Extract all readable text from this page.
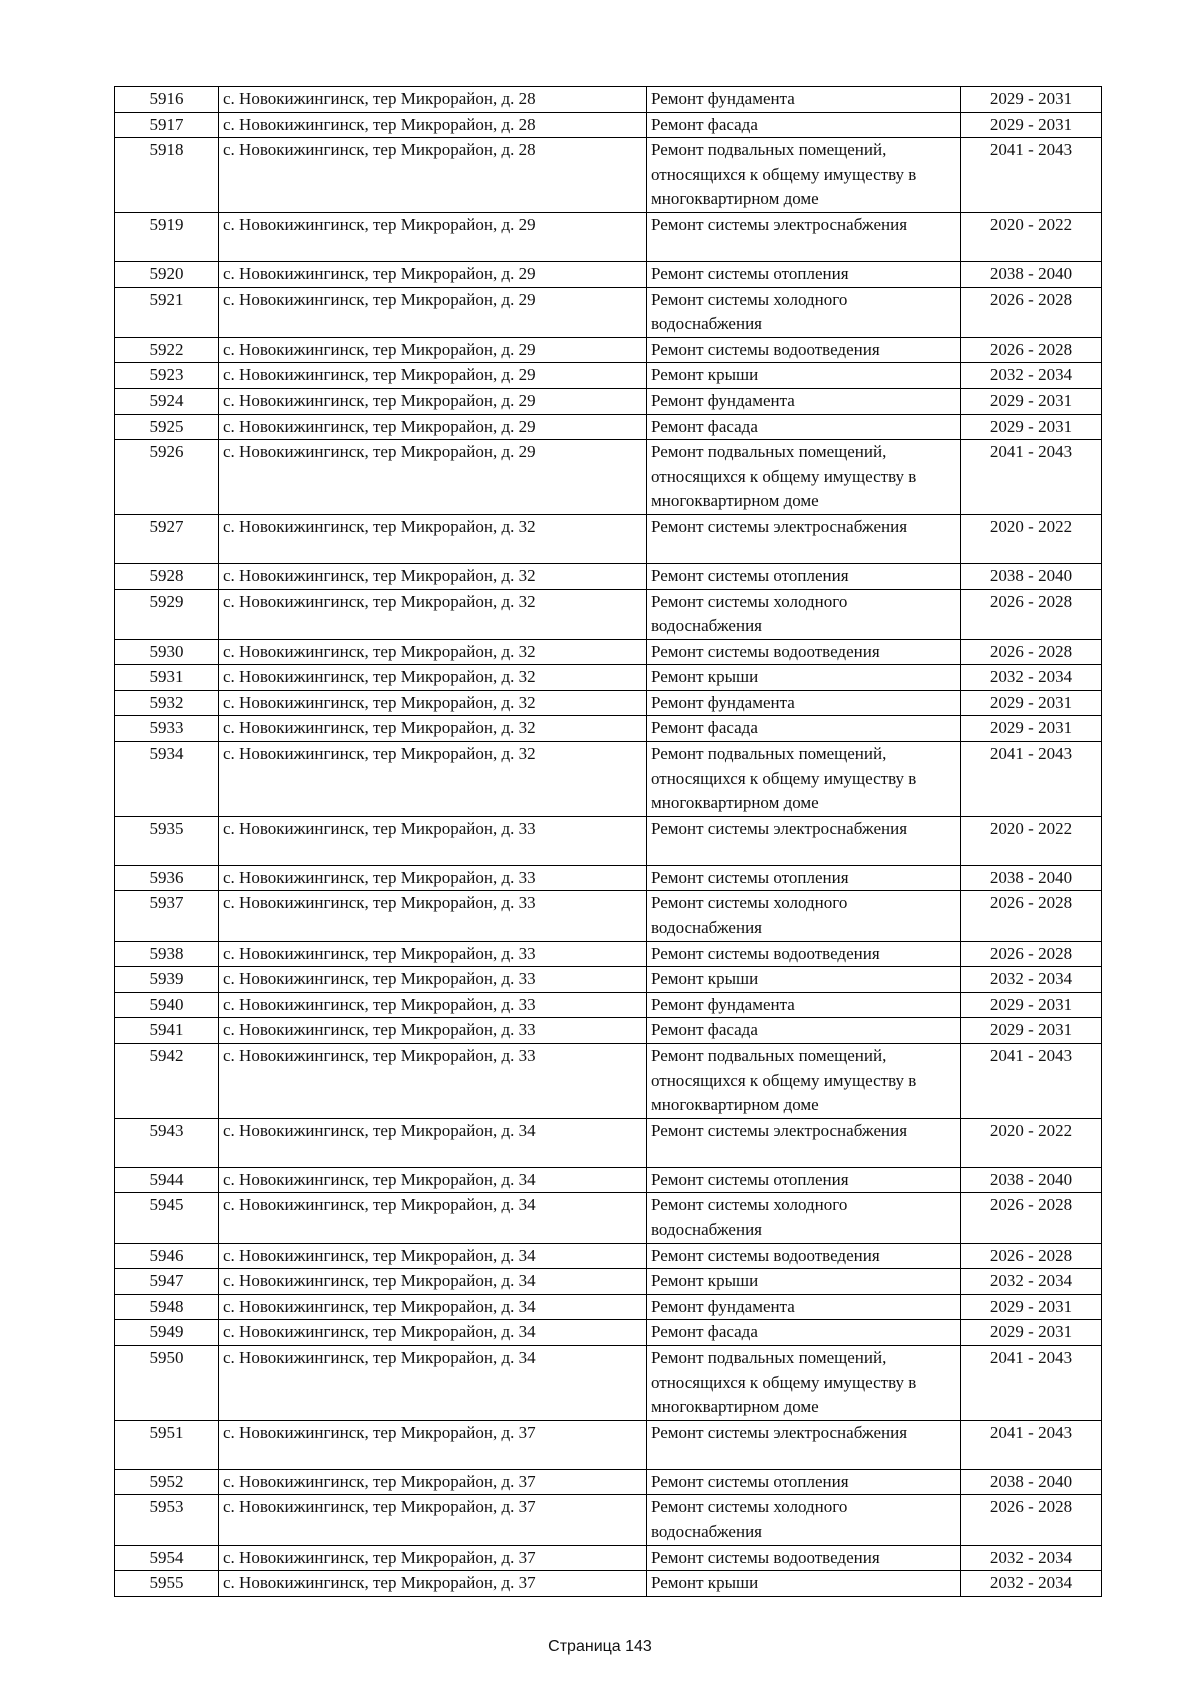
5916	с. Новокижингинск, тер Микрорайон, д. 28	Ремонт фундамента	2029 - 2031
5917	с. Новокижингинск, тер Микрорайон, д. 28	Ремонт фасада	2029 - 2031
5918	с. Новокижингинск, тер Микрорайон, д. 28	Ремонт подвальных помещений, относящихся к общему имуществу в многоквартирном доме	2041 - 2043
5919	с. Новокижингинск, тер Микрорайон, д. 29	Ремонт системы электроснабжения	2020 - 2022
5920	с. Новокижингинск, тер Микрорайон, д. 29	Ремонт системы отопления	2038 - 2040
5921	с. Новокижингинск, тер Микрорайон, д. 29	Ремонт системы холодного водоснабжения	2026 - 2028
5922	с. Новокижингинск, тер Микрорайон, д. 29	Ремонт системы водоотведения	2026 - 2028
5923	с. Новокижингинск, тер Микрорайон, д. 29	Ремонт крыши	2032 - 2034
5924	с. Новокижингинск, тер Микрорайон, д. 29	Ремонт фундамента	2029 - 2031
5925	с. Новокижингинск, тер Микрорайон, д. 29	Ремонт фасада	2029 - 2031
5926	с. Новокижингинск, тер Микрорайон, д. 29	Ремонт подвальных помещений, относящихся к общему имуществу в многоквартирном доме	2041 - 2043
5927	с. Новокижингинск, тер Микрорайон, д. 32	Ремонт системы электроснабжения	2020 - 2022
5928	с. Новокижингинск, тер Микрорайон, д. 32	Ремонт системы отопления	2038 - 2040
5929	с. Новокижингинск, тер Микрорайон, д. 32	Ремонт системы холодного водоснабжения	2026 - 2028
5930	с. Новокижингинск, тер Микрорайон, д. 32	Ремонт системы водоотведения	2026 - 2028
5931	с. Новокижингинск, тер Микрорайон, д. 32	Ремонт крыши	2032 - 2034
5932	с. Новокижингинск, тер Микрорайон, д. 32	Ремонт фундамента	2029 - 2031
5933	с. Новокижингинск, тер Микрорайон, д. 32	Ремонт фасада	2029 - 2031
5934	с. Новокижингинск, тер Микрорайон, д. 32	Ремонт подвальных помещений, относящихся к общему имуществу в многоквартирном доме	2041 - 2043
5935	с. Новокижингинск, тер Микрорайон, д. 33	Ремонт системы электроснабжения	2020 - 2022
5936	с. Новокижингинск, тер Микрорайон, д. 33	Ремонт системы отопления	2038 - 2040
5937	с. Новокижингинск, тер Микрорайон, д. 33	Ремонт системы холодного водоснабжения	2026 - 2028
5938	с. Новокижингинск, тер Микрорайон, д. 33	Ремонт системы водоотведения	2026 - 2028
5939	с. Новокижингинск, тер Микрорайон, д. 33	Ремонт крыши	2032 - 2034
5940	с. Новокижингинск, тер Микрорайон, д. 33	Ремонт фундамента	2029 - 2031
5941	с. Новокижингинск, тер Микрорайон, д. 33	Ремонт фасада	2029 - 2031
5942	с. Новокижингинск, тер Микрорайон, д. 33	Ремонт подвальных помещений, относящихся к общему имуществу в многоквартирном доме	2041 - 2043
5943	с. Новокижингинск, тер Микрорайон, д. 34	Ремонт системы электроснабжения	2020 - 2022
5944	с. Новокижингинск, тер Микрорайон, д. 34	Ремонт системы отопления	2038 - 2040
5945	с. Новокижингинск, тер Микрорайон, д. 34	Ремонт системы холодного водоснабжения	2026 - 2028
5946	с. Новокижингинск, тер Микрорайон, д. 34	Ремонт системы водоотведения	2026 - 2028
5947	с. Новокижингинск, тер Микрорайон, д. 34	Ремонт крыши	2032 - 2034
5948	с. Новокижингинск, тер Микрорайон, д. 34	Ремонт фундамента	2029 - 2031
5949	с. Новокижингинск, тер Микрорайон, д. 34	Ремонт фасада	2029 - 2031
5950	с. Новокижингинск, тер Микрорайон, д. 34	Ремонт подвальных помещений, относящихся к общему имуществу в многоквартирном доме	2041 - 2043
5951	с. Новокижингинск, тер Микрорайон, д. 37	Ремонт системы электроснабжения	2041 - 2043
5952	с. Новокижингинск, тер Микрорайон, д. 37	Ремонт системы отопления	2038 - 2040
5953	с. Новокижингинск, тер Микрорайон, д. 37	Ремонт системы холодного водоснабжения	2026 - 2028
5954	с. Новокижингинск, тер Микрорайон, д. 37	Ремонт системы водоотведения	2032 - 2034
5955	с. Новокижингинск, тер Микрорайон, д. 37	Ремонт крыши	2032 - 2034
Страница 143
